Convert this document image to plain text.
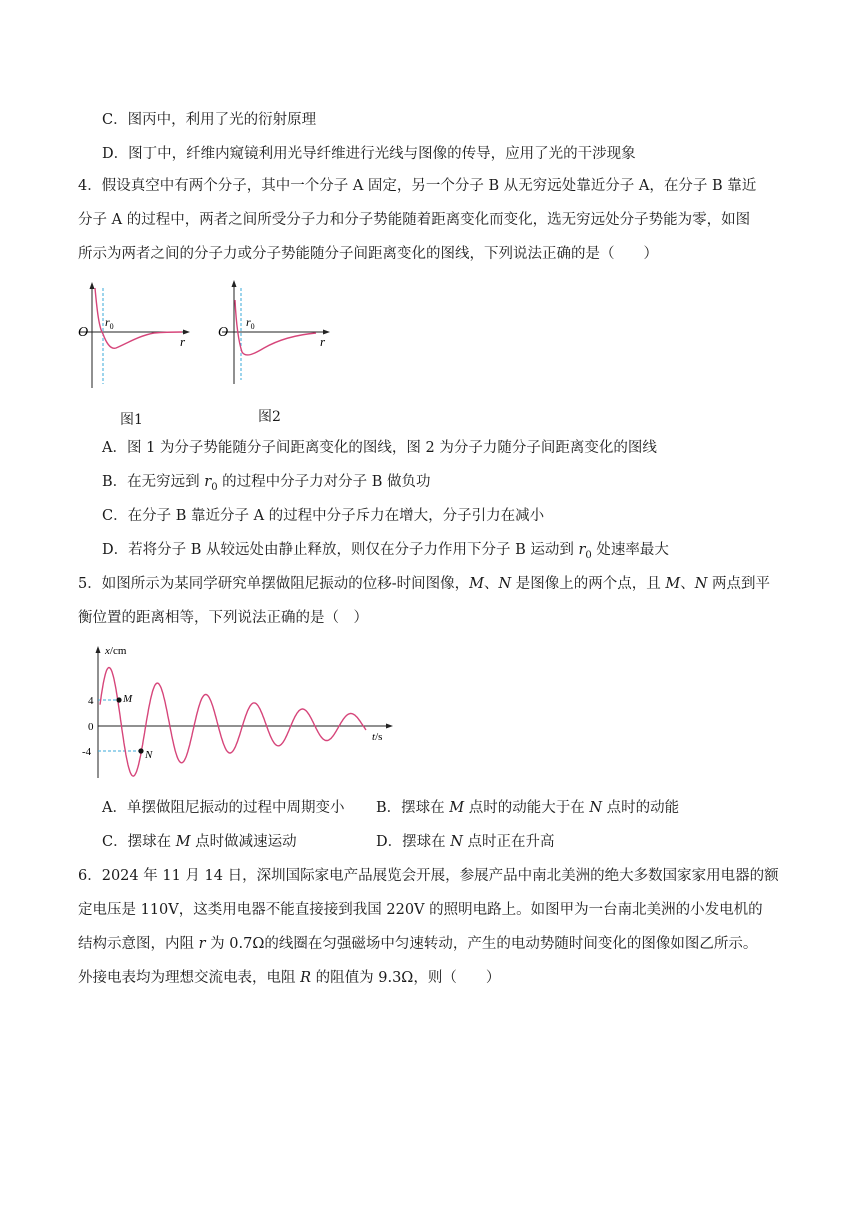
C．图丙中，利用了光的衍射原理
D．图丁中，纤维内窥镜利用光导纤维进行光线与图像的传导，应用了光的干涉现象
4．假设真空中有两个分子，其中一个分子 A 固定，另一个分子 B 从无穷远处靠近分子 A，在分子 B 靠近
分子 A 的过程中，两者之间所受分子力和分子势能随着距离变化而变化，选无穷远处分子势能为零，如图
所示为两者之间的分子力或分子势能随分子间距离变化的图线，下列说法正确的是（　　）
O
$r_0$
r
图1
O
$r_0$
r
图2
A．图 1 为分子势能随分子间距离变化的图线，图 2 为分子力随分子间距离变化的图线
B．在无穷远到 $r_0$ 的过程中分子力对分子 B 做负功
C．在分子 B 靠近分子 A 的过程中分子斥力在增大，分子引力在减小
D．若将分子 B 从较远处由静止释放，则仅在分子力作用下分子 B 运动到 $r_0$ 处速率最大
5．如图所示为某同学研究单摆做阻尼振动的位移-时间图像，M、N 是图像上的两个点，且 M、N 两点到平
衡位置的距离相等，下列说法正确的是（　）
x/cm
t/s
4
0
-4
M
N
A．单摆做阻尼振动的过程中周期变小 B．摆球在 M 点时的动能大于在 N 点时的动能
C．摆球在 M 点时做减速运动	D．摆球在 N 点时正在升高
6．2024 年 11 月 14 日，深圳国际家电产品展览会开展，参展产品中南北美洲的绝大多数国家家用电器的额
定电压是 110V，这类用电器不能直接接到我国 220V 的照明电路上。如图甲为一台南北美洲的小发电机的
结构示意图，内阻 r 为 0.7Ω的线圈在匀强磁场中匀速转动，产生的电动势随时间变化的图像如图乙所示。
外接电表均为理想交流电表，电阻 R 的阻值为 9.3Ω，则（　　）
